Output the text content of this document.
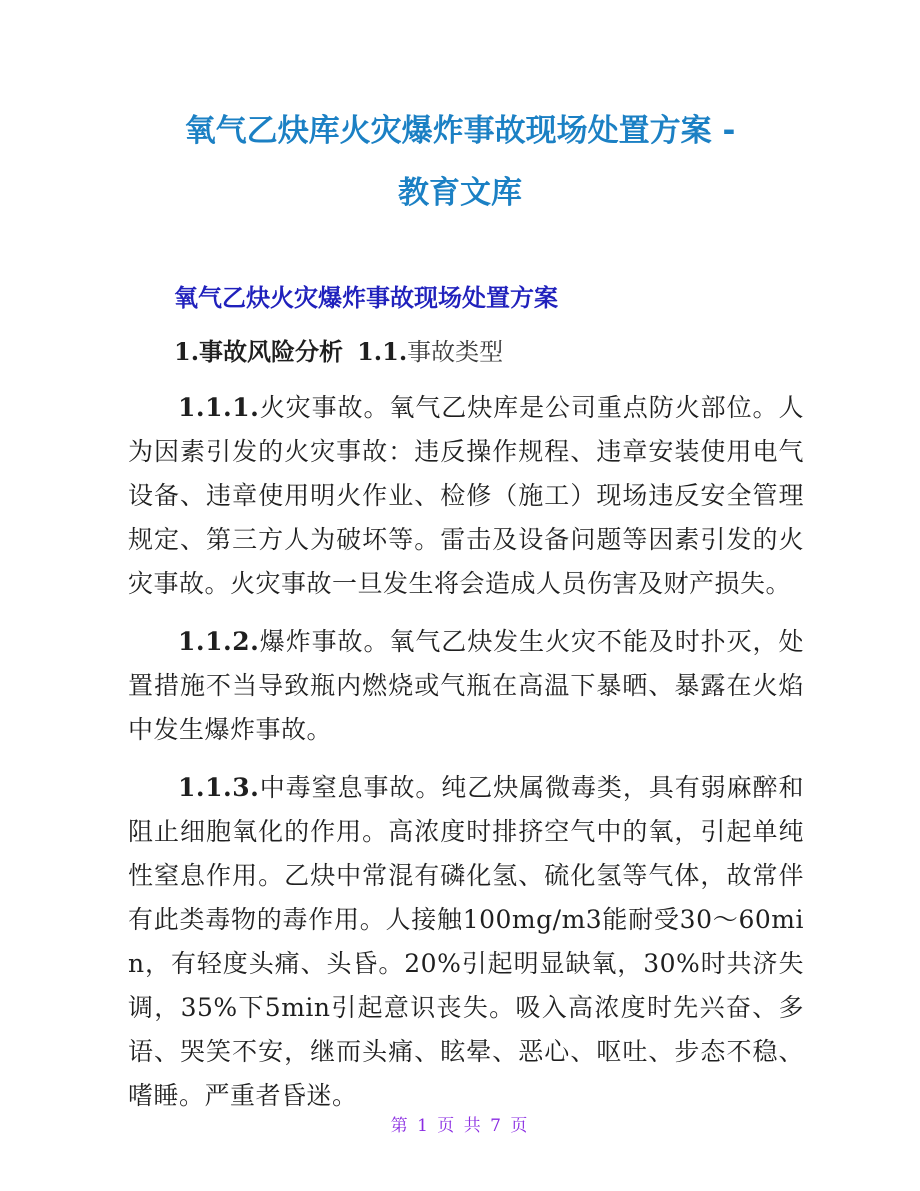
氧气乙炔库火灾爆炸事故现场处置方案 -
教育文库
氧气乙炔火灾爆炸事故现场处置方案
1.事故风险分析 1.1.事故类型

1.1.1.火灾事故。氧气乙炔库是公司重点防火部位。人为因素引发的火灾事故：违反操作规程、违章安装使用电气设备、违章使用明火作业、检修（施工）现场违反安全管理规定、第三方人为破坏等。雷击及设备问题等因素引发的火灾事故。火灾事故一旦发生将会造成人员伤害及财产损失。

1.1.2.爆炸事故。氧气乙炔发生火灾不能及时扑灭，处置措施不当导致瓶内燃烧或气瓶在高温下暴晒、暴露在火焰中发生爆炸事故。

1.1.3.中毒窒息事故。纯乙炔属微毒类，具有弱麻醉和阻止细胞氧化的作用。高浓度时排挤空气中的氧，引起单纯性窒息作用。乙炔中常混有磷化氢、硫化氢等气体，故常伴有此类毒物的毒作用。人接触100mg/m3能耐受30～60min，有轻度头痛、头昏。20%引起明显缺氧，30%时共济失调，35%下5min引起意识丧失。吸入高浓度时先兴奋、多语、哭笑不安，继而头痛、眩晕、恶心、呕吐、步态不稳、嗜睡。严重者昏迷。

第 1 页 共 7 页
